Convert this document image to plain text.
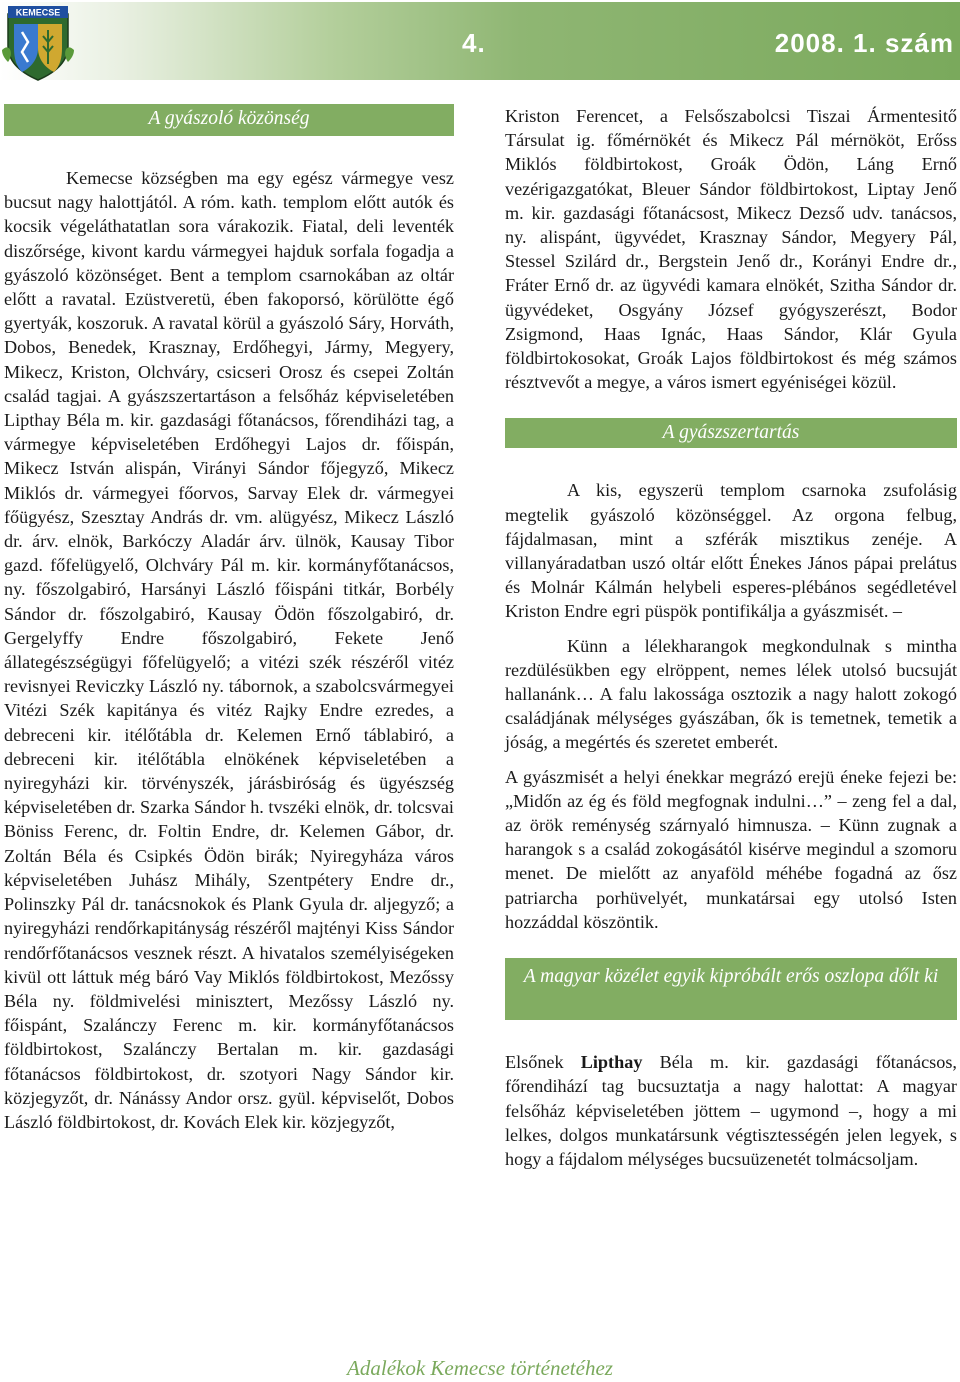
KEMECSE
4.	2008. 1. szám
A gyászoló közönség

Kemecse községben ma egy egész vármegye vesz bucsut nagy halottjától. A róm. kath. templom előtt autók és kocsik végeláthatatlan sora várakozik. Fiatal, deli leventék diszőrsége, kivont kardu vármegyei hajduk sorfala fogadja a gyászoló közönséget. Bent a templom csarnokában az oltár előtt a ravatal. Ezüstveretü, ében fakoporsó, körülötte égő gyertyák, koszoruk. A ravatal körül a gyászoló Sáry, Horváth, Dobos, Benedek, Krasznay, Erdőhegyi, Jármy, Megyery, Mikecz, Kriston, Olchváry, csicseri Orosz és csepei Zoltán család tagjai. A gyászszertartáson a felsőház képviseletében Lipthay Béla m. kir. gazdasági főtanácsos, főrendiházi tag, a vármegye képviseletében Erdőhegyi Lajos dr. főispán, Mikecz István alispán, Virányi Sándor főjegyző, Mikecz Miklós dr. vármegyei főorvos, Sarvay Elek dr. vármegyei főügyész, Szesztay András dr. vm. alügyész, Mikecz László dr. árv. elnök, Barkóczy Aladár árv. ülnök, Kausay Tibor gazd. főfelügyelő, Olchváry Pál m. kir. kormányfőtanácsos, ny. főszolgabiró, Harsányi László főispáni titkár, Borbély Sándor dr. főszolgabiró, Kausay Ödön főszolgabiró, dr. Gergelyffy Endre főszolgabiró, Fekete Jenő állategészségügyi főfelügyelő; a vitézi szék részéről vitéz revisnyei Reviczky László ny. tábornok, a szabolcsvármegyei Vitézi Szék kapitánya és vitéz Rajky Endre ezredes, a debreceni kir. itélőtábla dr. Kelemen Ernő táblabiró, a debreceni kir. itélőtábla elnökének képviseletében a nyiregyházi kir. törvényszék, járásbiróság és ügyészség képviseletében dr. Szarka Sándor h. tvszéki elnök, dr. tolcsvai Böniss Ferenc, dr. Foltin Endre, dr. Kelemen Gábor, dr. Zoltán Béla és Csipkés Ödön birák; Nyiregyháza város képviseletében Juhász Mihály, Szentpétery Endre dr., Polinszky Pál dr. tanácsnokok és Plank Gyula dr. aljegyző; a nyiregyházi rendőrkapitányság részéről majtényi Kiss Sándor rendőrfőtanácsos vesznek részt. A hivatalos személyiségeken kivül ott láttuk még báró Vay Miklós földbirtokost, Mezőssy Béla ny. földmivelési minisztert, Mezőssy László ny. főispánt, Szalánczy Ferenc m. kir. kormányfőtanácsos földbirtokost, Szalánczy Bertalan m. kir. gazdasági főtanácsos földbirtokost, dr. szotyori Nagy Sándor kir. közjegyzőt, dr. Nánássy Andor orsz. gyül. képviselőt, Dobos László földbirtokost, dr. Kovách Elek kir. közjegyzőt,

Kriston Ferencet, a Felsőszabolcsi Tiszai Ármentesitő Társulat ig. főmérnökét és Mikecz Pál mérnököt, Erőss Miklós földbirtokost, Groák Ödön, Láng Ernő vezérigazgatókat, Bleuer Sándor földbirtokost, Liptay Jenő m. kir. gazdasági főtanácsost, Mikecz Dezső udv. tanácsos, ny. alispánt, ügyvédet, Krasznay Sándor, Megyery Pál, Stessel Szilárd dr., Bergstein Jenő dr., Korányi Endre dr., Fráter Ernő dr. az ügyvédi kamara elnökét, Szitha Sándor dr. ügyvédeket, Osgyány József gyógyszerészt, Bodor Zsigmond, Haas Ignác, Haas Sándor, Klár Gyula földbirtokosokat, Groák Lajos földbirtokost és még számos résztvevőt a megye, a város ismert egyéniségei közül.

A gyászszertartás

A kis, egyszerü templom csarnoka zsufolásig megtelik gyászoló közönséggel. Az orgona felbug, fájdalmasan, mint a szférák misztikus zenéje. A villanyáradatban uszó oltár előtt Énekes János pápai prelátus és Molnár Kálmán helybeli esperes-plébános segédletével Kriston Endre egri püspök pontifikálja a gyászmisét. –

Künn a lélekharangok megkondulnak s mintha rezdülésükben egy elröppent, nemes lélek utolsó bucsuját hallanánk… A falu lakossága osztozik a nagy halott zokogó családjának mélységes gyászában, ők is temetnek, temetik a jóság, a megértés és szeretet emberét.

A gyászmisét a helyi énekkar megrázó erejü éneke fejezi be: „Midőn az ég és föld megfognak indulni…” – zeng fel a dal, az örök reménység szárnyaló himnusza. – Künn zugnak a harangok s a család zokogásától kisérve megindul a szomoru menet. De mielőtt az anyaföld méhébe fogadná az ősz patriarcha porhüvelyét, munkatársai egy utolsó Isten hozzáddal köszöntik.

A magyar közélet egyik kipróbált erős oszlopa dőlt ki

Elsőnek Lipthay Béla m. kir. gazdasági főtanácsos, főrendihází tag bucsuztatja a nagy halottat: A magyar felsőház képviseletében jöttem – ugymond –, hogy a mi lelkes, dolgos munkatársunk végtisztességén jelen legyek, s hogy a fájdalom mélységes bucsuüzenetét tolmácsoljam.

Adalékok Kemecse történetéhez
